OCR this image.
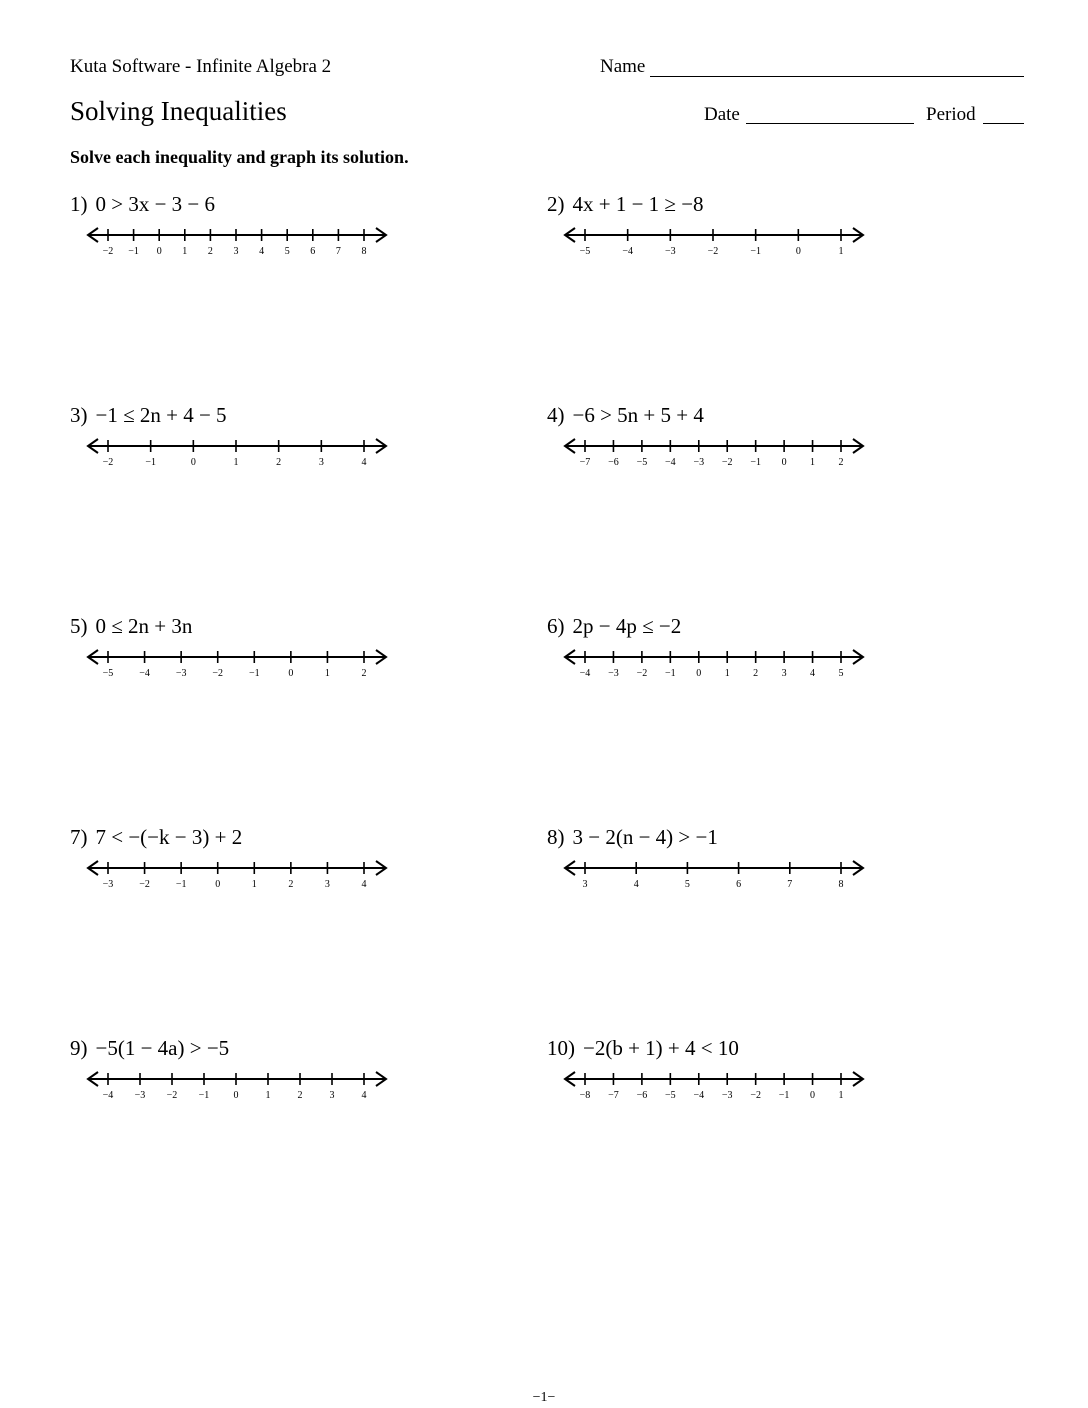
Kuta Software - Infinite Algebra 2	Name
Solving Inequalities	Date	Period
Solve each inequality and graph its solution.
1) 0 > 3x − 3 − 6
−2 −1 0 1 2 3 4 5 6 7 8
2) 4x + 1 − 1 ≥ −8
−5	−4	−3	−2	−1	0	1
3) −1 ≤ 2n + 4 − 5
−2	−1	0	1	2	3	4
4) −6 > 5n + 5 + 4
−7 −6 −5 −4 −3 −2 −1 0 1 2
5) 0 ≤ 2n + 3n
−5	−4	−3	−2	−1	0	1	2
6) 2p − 4p ≤ −2
−4 −3 −2 −1 0 1 2 3 4 5
7) 7 < −(−k − 3) + 2
−3	−2	−1	0	1	2	3	4
8) 3 − 2(n − 4) > −1
3	4	5	6	7	8
9) −5(1 − 4a) > −5
−4 −3 −2 −1 0	1	2	3	4
10) −2(b + 1) + 4 < 10
−8 −7 −6 −5 −4 −3 −2 −1 0 1
−1−
